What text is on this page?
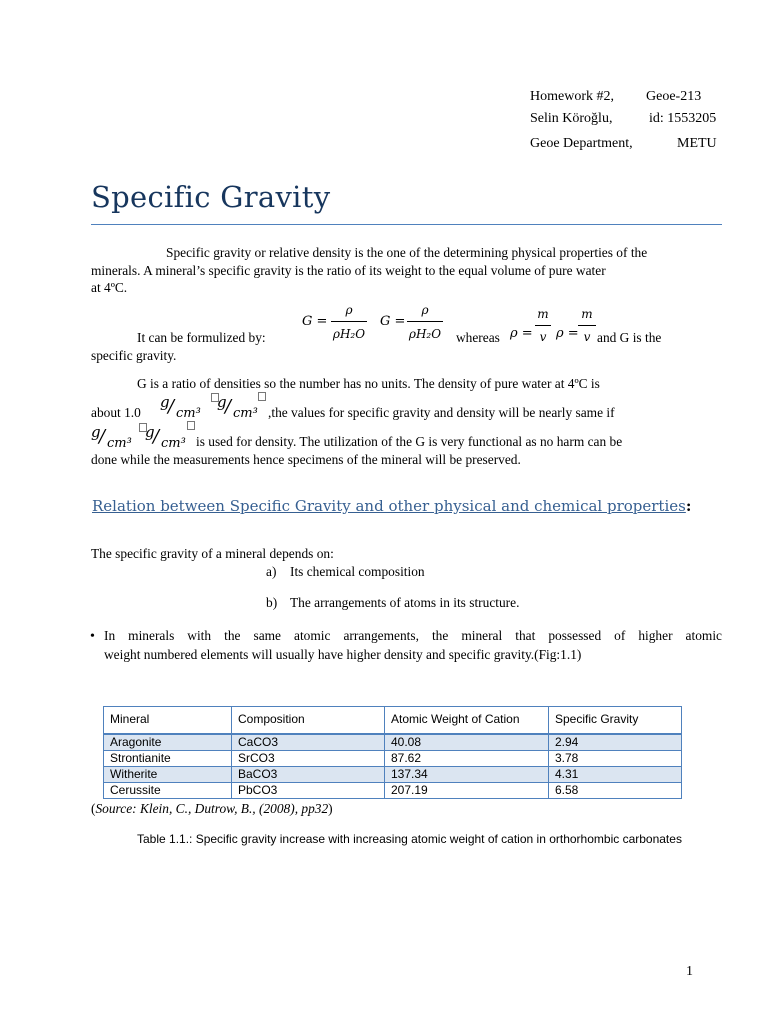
Homework #2, Geoe-213
Selin Köroğlu,	id: 1553205
Geoe Department,	METU
Specific Gravity
Specific gravity or relative density is the one of the determining physical properties of the
minerals. A mineral’s specific gravity is the ratio of its weight to the equal volume of pure water
at 4ºC.
It can be formulized by:
G =
ρ
ρH₂O
G =
ρ
ρH₂O whereas ρ =
m
v ρ =
m
v and G is the
specific gravity.
G is a ratio of densities so the number has no units. The density of pure water at 4ºC is
about 1.0
g
/ cm³
g
/ cm³ ,the values for specific gravity and density will be nearly same if
g
/ cm³
g
/ cm³ is used for density. The utilization of the G is very functional as no harm can be
done while the measurements hence specimens of the mineral will be preserved.
Relation between Specific Gravity and other physical and chemical properties:
The specific gravity of a mineral depends on:
a) Its chemical composition
b) The arrangements of atoms in its structure.
• In minerals with the same atomic arrangements, the mineral that possessed of higher atomic
weight numbered elements will usually have higher density and specific gravity.(Fig:1.1)
Mineral	Composition	Atomic Weight of Cation	Specific Gravity
Aragonite	CaCO3	40.08	2.94
Strontianite	SrCO3	87.62	3.78
Witherite	BaCO3	137.34	4.31
Cerussite	PbCO3	207.19	6.58
(Source: Klein, C., Dutrow, B., (2008), pp32)
Table 1.1.: Specific gravity increase with increasing atomic weight of cation in orthorhombic carbonates
1
